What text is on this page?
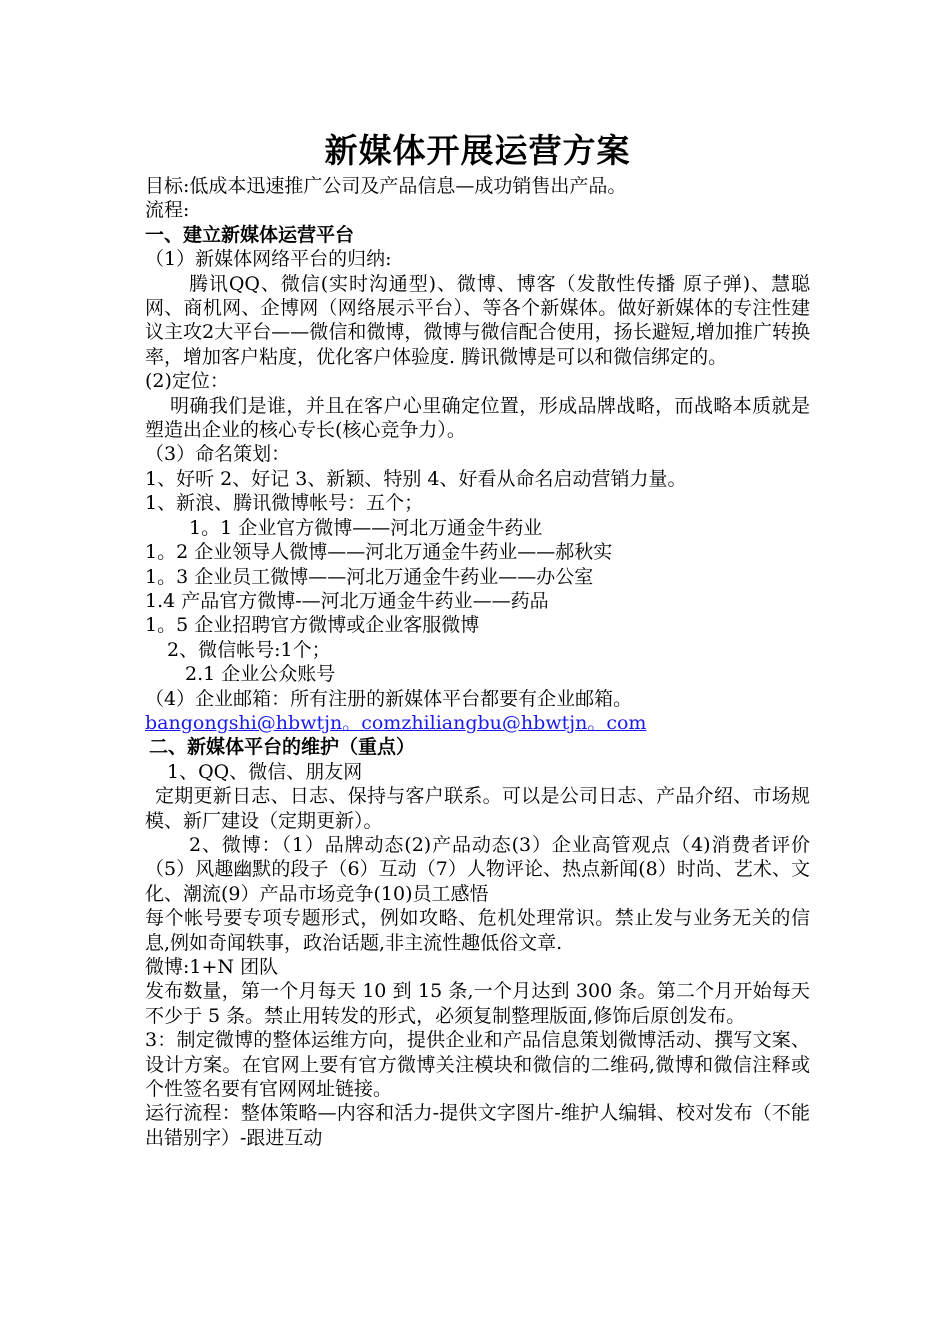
新媒体开展运营方案
目标:低成本迅速推广公司及产品信息—成功销售出产品。
流程:
一、建立新媒体运营平台
（1）新媒体网络平台的归纳:

腾讯QQ、微信(实时沟通型)、微博、博客（发散性传播 原子弹)、慧聪网、商机网、企博网（网络展示平台）、等各个新媒体。做好新媒体的专注性建议主攻2大平台——微信和微博，微博与微信配合使用，扬长避短,增加推广转换率，增加客户粘度，优化客户体验度. 腾讯微博是可以和微信绑定的。

(2)定位：

明确我们是谁，并且在客户心里确定位置，形成品牌战略，而战略本质就是塑造出企业的核心专长(核心竞争力）。

（3）命名策划：
1、好听 2、好记 3、新颖、特别 4、好看从命名启动营销力量。
1、新浪、腾讯微博帐号：五个；
1。1 企业官方微博——河北万通金牛药业
1。2 企业领导人微博——河北万通金牛药业——郝秋实
1。3 企业员工微博——河北万通金牛药业——办公室
1.4 产品官方微博-—河北万通金牛药业——药品
1。5 企业招聘官方微博或企业客服微博
2、微信帐号:1个；
2.1 企业公众账号
（4）企业邮箱：所有注册的新媒体平台都要有企业邮箱。
bangongshi@hbwtjn。comzhiliangbu@hbwtjn。com
二、新媒体平台的维护（重点）
1、QQ、微信、朋友网

定期更新日志、日志、保持与客户联系。可以是公司日志、产品介绍、市场规模、新厂建设（定期更新）。

2、微博：（1）品牌动态(2)产品动态(3）企业高管观点（4)消费者评价（5）风趣幽默的段子（6）互动（7）人物评论、热点新闻(8）时尚、艺术、文化、潮流(9）产品市场竞争(10)员工感悟

每个帐号要专项专题形式，例如攻略、危机处理常识。禁止发与业务无关的信息,例如奇闻轶事，政治话题,非主流性趣低俗文章.

微博:1+N 团队

发布数量，第一个月每天 10 到 15 条,一个月达到 300 条。第二个月开始每天不少于 5 条。禁止用转发的形式，必须复制整理版面,修饰后原创发布。

3：制定微博的整体运维方向，提供企业和产品信息策划微博活动、撰写文案、设计方案。在官网上要有官方微博关注模块和微信的二维码,微博和微信注释或个性签名要有官网网址链接。

运行流程：整体策略—内容和活力-提供文字图片-维护人编辑、校对发布（不能出错别字）-跟进互动
